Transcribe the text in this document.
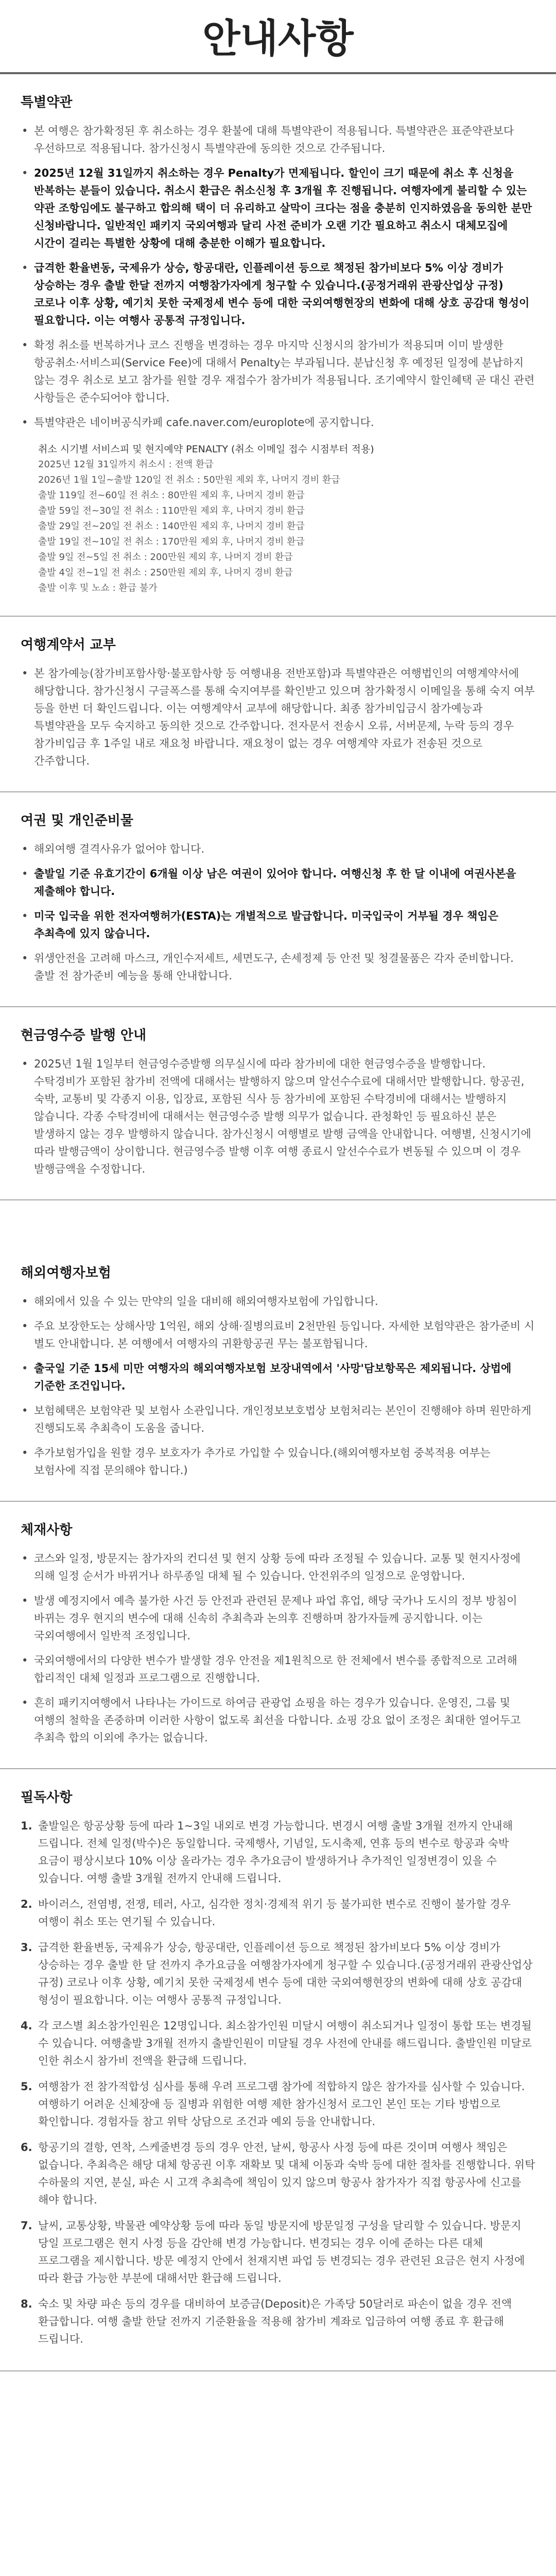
안내사항
특별약관
• 본 여행은 참가확정된 후 취소하는 경우 환불에 대해 특별약관이 적용됩니다. 특별약관은 표준약관보다 우선하므로 적용됩니다. 참가신청시 특별약관에 동의한 것으로 간주됩니다.
• 2025년 12월 31일까지 취소하는 경우 Penalty가 면제됩니다. 할인이 크기 때문에 취소 후 신청을 반복하는 분들이 있습니다. 취소시 환급은 취소신청 후 3개월 후 진행됩니다. 여행자에게 불리할 수 있는 약관 조항임에도 불구하고 합의해 택이 더 유리하고 살막이 크다는 점을 충분히 인지하였음을 동의한 분만 신청바랍니다. 일반적인 패키지 국외여행과 달리 사전 준비가 오랜 기간 필요하고 취소시 대체모집에 시간이 걸리는 특별한 상황에 대해 충분한 이해가 필요합니다.
• 급격한 환율변동, 국제유가 상승, 항공대란, 인플레이션 등으로 책정된 참가비보다 5% 이상 경비가 상승하는 경우 출발 한달 전까지 여행참가자에게 청구할 수 있습니다.(공정거래위 관광산업상 규정) 코로나 이후 상황, 예기치 못한 국제정세 변수 등에 대한 국외여행현장의 변화에 대해 상호 공감대 형성이 필요합니다. 이는 여행사 공통적 규정입니다.
• 확정 취소를 번복하거나 코스 진행을 변경하는 경우 마지막 신청시의 참가비가 적용되며 이미 발생한 항공취소·서비스피(Service Fee)에 대해서 Penalty는 부과됩니다. 분납신청 후 예정된 일정에 분납하지 않는 경우 취소로 보고 참가를 원할 경우 재접수가 참가비가 적용됩니다. 조기예약시 할인혜택 곧 대신 관련 사항들은 준수되어야 합니다.
• 특별약관은 네이버공식카페 cafe.naver.com/europlote에 공지합니다.
취소 시기별 서비스피 및 현지예약 PENALTY (취소 이메일 접수 시점부터 적용)
2025년 12월 31일까지 취소시 : 전액 환급
2026년 1월 1일~출발 120일 전 취소 : 50만원 제외 후, 나머지 경비 환급
출발 119일 전~60일 전 취소 : 80만원 제외 후, 나머지 경비 환급
출발 59일 전~30일 전 취소 : 110만원 제외 후, 나머지 경비 환급
출발 29일 전~20일 전 취소 : 140만원 제외 후, 나머지 경비 환급
출발 19일 전~10일 전 취소 : 170만원 제외 후, 나머지 경비 환급
출발 9일 전~5일 전 취소 : 200만원 제외 후, 나머지 경비 환급
출발 4일 전~1일 전 취소 : 250만원 제외 후, 나머지 경비 환급
출발 이후 및 노쇼 : 환급 불가
여행계약서 교부
• 본 참가예능(참가비포함사항·불포함사항 등 여행내용 전반포함)과 특별약관은 여행법인의 여행계약서에 해당합니다. 참가신청시 구글폭스를 통해 숙지여부를 확인받고 있으며 참가확정시 이메일을 통해 숙지 여부 등을 한번 더 확인드립니다. 이는 여행계약서 교부에 해당합니다. 최종 참가비입금시 참가예능과 특별약관을 모두 숙지하고 동의한 것으로 간주합니다. 전자문서 전송시 오류, 서버문제, 누락 등의 경우 참가비입금 후 1주일 내로 재요청 바랍니다. 재요청이 없는 경우 여행계약 자료가 전송된 것으로 간주합니다.
여권 및 개인준비물
• 해외여행 결격사유가 없어야 합니다.
• 출발일 기준 유효기간이 6개월 이상 남은 여권이 있어야 합니다. 여행신청 후 한 달 이내에 여권사본을 제출해야 합니다.
• 미국 입국을 위한 전자여행허가(ESTA)는 개별적으로 발급합니다. 미국입국이 거부될 경우 책임은 추최측에 있지 않습니다.
• 위생안전을 고려해 마스크, 개인수저세트, 세면도구, 손세정제 등 안전 및 청결물품은 각자 준비합니다. 출발 전 참가준비 예능을 통해 안내합니다.
현금영수증 발행 안내
• 2025년 1월 1일부터 현금영수증발행 의무실시에 따라 참가비에 대한 현금영수증을 발행합니다. 수탁경비가 포함된 참가비 전액에 대해서는 발행하지 않으며 알선수수료에 대해서만 발행합니다. 항공권, 숙박, 교통비 및 각종지 이용, 입장료, 포함된 식사 등 참가비에 포함된 수탁경비에 대해서는 발행하지 않습니다. 각종 수탁경비에 대해서는 현금영수증 발행 의무가 없습니다. 관청확인 등 필요하신 분은 발생하지 않는 경우 발행하지 않습니다. 참가신청시 여행별로 발행 금액을 안내합니다. 여행별, 신청시기에 따라 발행금액이 상이합니다. 현금영수증 발행 이후 여행 종료시 알선수수료가 변동될 수 있으며 이 경우 발행금액을 수정합니다.
해외여행자보험
• 해외에서 있을 수 있는 만약의 일을 대비해 해외여행자보험에 가입합니다.
• 주요 보장한도는 상해사망 1억원, 해외 상해·질병의료비 2천만원 등입니다. 자세한 보험약관은 참가준비 시 별도 안내합니다. 본 여행에서 여행자의 귀환항공권 무는 불포함됩니다.
• 출국일 기준 15세 미만 여행자의 해외여행자보험 보장내역에서 '사망'담보항목은 제외됩니다. 상법에 기준한 조건입니다.
• 보험혜택은 보험약관 및 보험사 소관입니다. 개인정보보호법상 보험처리는 본인이 진행해야 하며 원만하게 진행되도록 추최측이 도움을 줍니다.
• 추가보험가입을 원할 경우 보호자가 추가로 가입할 수 있습니다.(해외여행자보험 중복적용 여부는 보험사에 직접 문의해야 합니다.)
체재사항
• 코스와 일정, 방문지는 참가자의 컨디션 및 현지 상황 등에 따라 조정될 수 있습니다. 교통 및 현지사정에 의해 일정 순서가 바뀌거나 하루종일 대체 될 수 있습니다. 안전위주의 일정으로 운영합니다.
• 발생 예정지에서 예측 불가한 사건 등 안전과 관련된 문제나 파업 휴업, 해당 국가나 도시의 정부 방침이 바뀌는 경우 현지의 변수에 대해 신속히 추최측과 논의후 진행하며 참가자들께 공지합니다. 이는 국외여행에서 일반적 조정입니다.
• 국외여행에서의 다양한 변수가 발생할 경우 안전을 제1원칙으로 한 전체에서 변수를 종합적으로 고려해 합리적인 대체 일정과 프로그램으로 진행합니다.
• 흔히 패키지여행에서 나타나는 가이드로 하여금 관광업 쇼핑을 하는 경우가 있습니다. 운영진, 그룹 및 여행의 철학을 존중하며 이러한 사항이 없도록 최선을 다합니다. 쇼핑 강요 없이 조정은 최대한 열어두고 추최측 합의 이외에 추가는 없습니다.
필독사항
1. 출발일은 항공상황 등에 따라 1~3일 내외로 변경 가능합니다. 변경시 여행 출발 3개월 전까지 안내해 드립니다. 전체 일정(박수)은 동일합니다. 국제행사, 기념일, 도시축제, 연휴 등의 변수로 항공과 숙박 요금이 평상시보다 10% 이상 올라가는 경우 추가요금이 발생하거나 추가적인 일정변경이 있을 수 있습니다. 여행 출발 3개월 전까지 안내해 드립니다.
2. 바이러스, 전염병, 전쟁, 테러, 사고, 심각한 정치·경제적 위기 등 불가피한 변수로 진행이 불가할 경우 여행이 취소 또는 연기될 수 있습니다.
3. 급격한 환율변동, 국제유가 상승, 항공대란, 인플레이션 등으로 책정된 참가비보다 5% 이상 경비가 상승하는 경우 출발 한 달 전까지 추가요금을 여행참가자에게 청구할 수 있습니다.(공정거래위 관광산업상 규정) 코로나 이후 상황, 예기치 못한 국제정세 변수 등에 대한 국외여행현장의 변화에 대해 상호 공감대 형성이 필요합니다. 이는 여행사 공통적 규정입니다.
4. 각 코스별 최소참가인원은 12명입니다. 최소참가인원 미달시 여행이 취소되거나 일정이 통합 또는 변경될 수 있습니다. 여행출발 3개월 전까지 출발인원이 미달될 경우 사전에 안내를 해드립니다. 출발인원 미달로 인한 취소시 참가비 전액을 환급해 드립니다.
5. 여행참가 전 참가적합성 심사를 통해 우려 프로그램 참가에 적합하지 않은 참가자를 심사할 수 있습니다. 여행하기 어려운 신체장애 등 질병과 위험한 여행 제한 참가신청서 로그인 본인 또는 기타 방법으로 확인합니다. 경험자들 참고 위탁 상담으로 조건과 예외 등을 안내합니다.
6. 항공기의 결항, 연착, 스케줄변경 등의 경우 안전, 날씨, 항공사 사정 등에 따른 것이며 여행사 책임은 없습니다. 추최측은 해당 대체 항공권 이후 재확보 및 대체 이동과 숙박 등에 대한 절차를 진행합니다. 위탁 수하물의 지연, 분실, 파손 시 고객 추최측에 책임이 있지 않으며 항공사 참가자가 직접 항공사에 신고를 해야 합니다.
7. 날씨, 교통상황, 박물관 예약상황 등에 따라 동일 방문지에 방문일정 구성을 달리할 수 있습니다. 방문지 당일 프로그램은 현지 사정 등을 감안해 변경 가능합니다. 변경되는 경우 이에 준하는 다른 대체 프로그램을 제시합니다. 방문 예정지 안에서 천재지변 파업 등 변경되는 경우 관련된 요금은 현지 사정에 따라 환급 가능한 부분에 대해서만 환급해 드립니다.
8. 숙소 및 차량 파손 등의 경우를 대비하여 보증금(Deposit)은 가족당 50달러로 파손이 없을 경우 전액 환급합니다. 여행 출발 한달 전까지 기준환율을 적용해 참가비 계좌로 입금하여 여행 종료 후 환급해 드립니다.
